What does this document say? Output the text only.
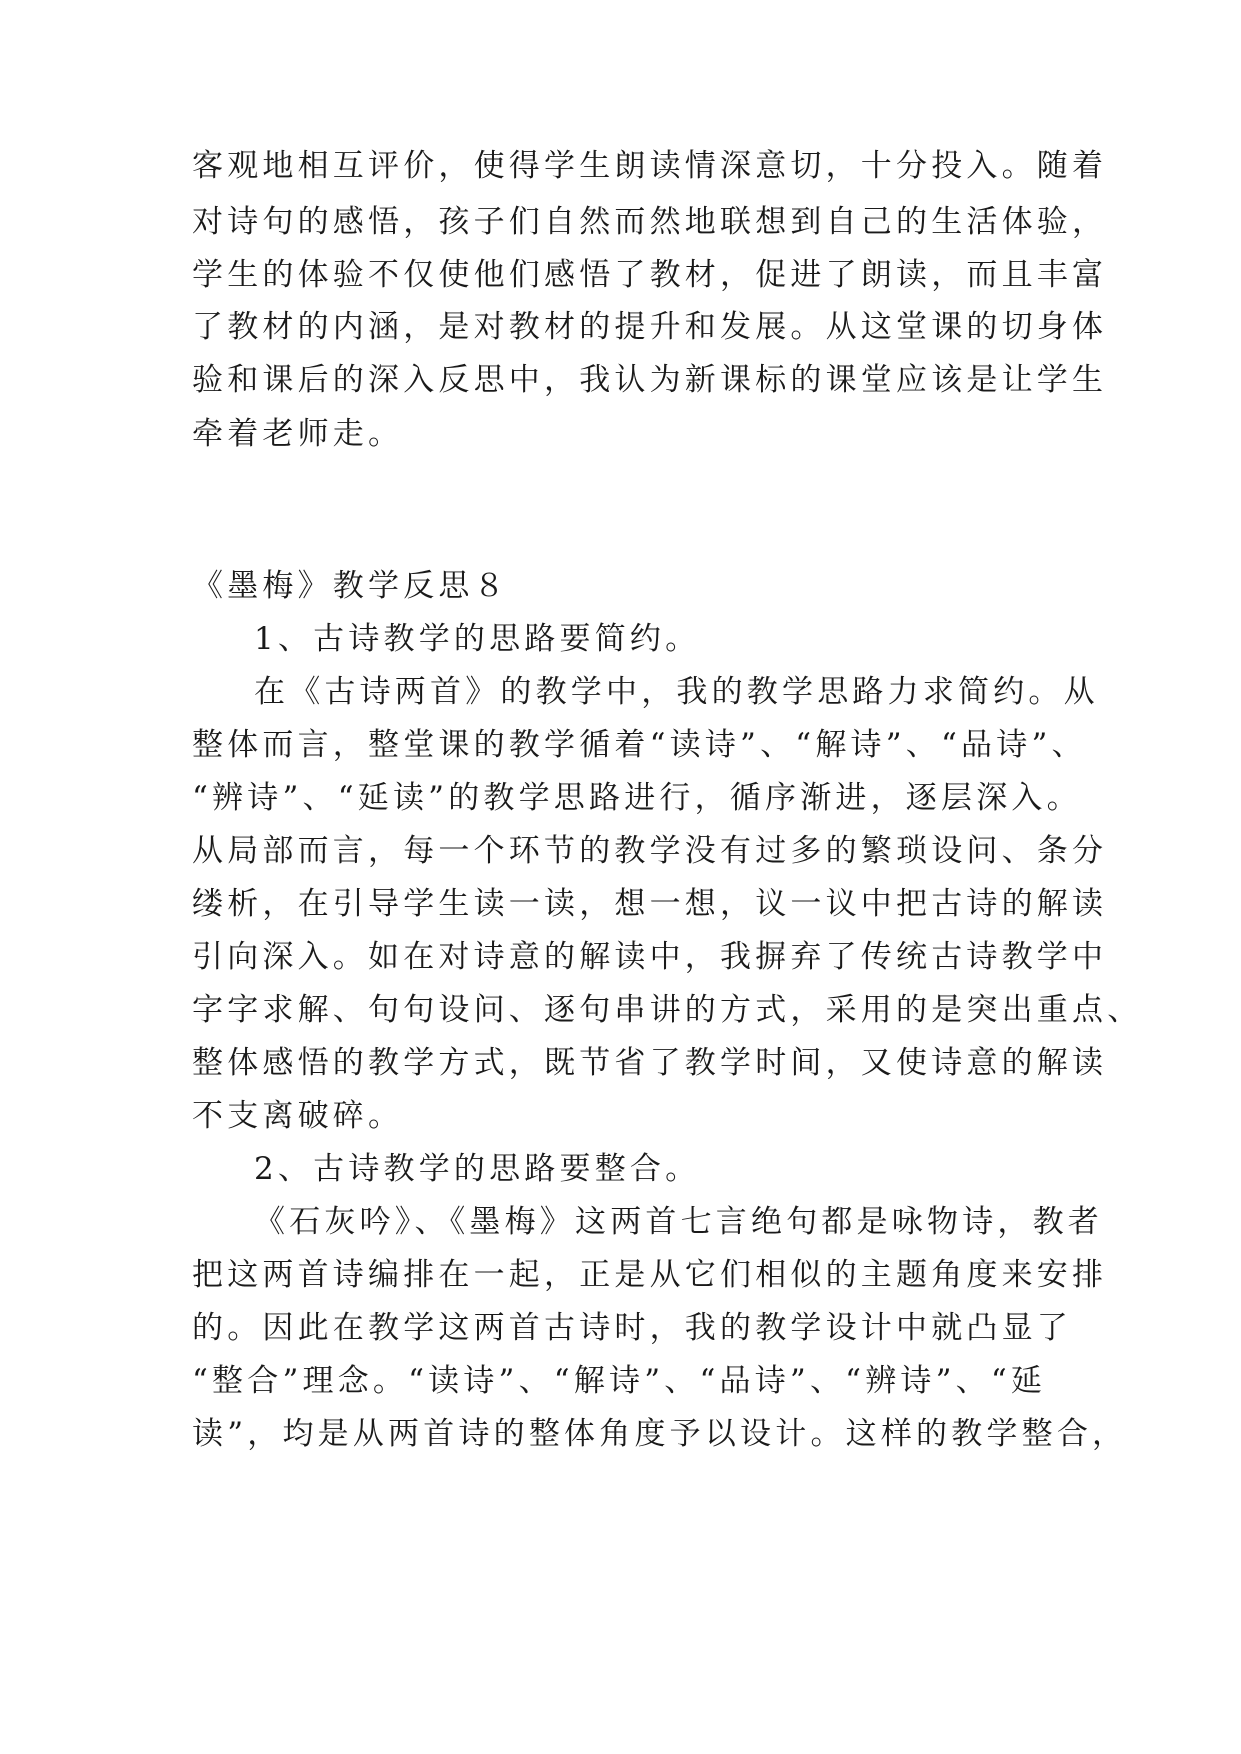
客观地相互评价，使得学生朗读情深意切，十分投入。随着
对诗句的感悟，孩子们自然而然地联想到自己的生活体验，
学生的体验不仅使他们感悟了教材，促进了朗读，而且丰富
了教材的内涵，是对教材的提升和发展。从这堂课的切身体
验和课后的深入反思中，我认为新课标的课堂应该是让学生
牵着老师走。
《墨梅》教学反思８
1、古诗教学的思路要简约。
在《古诗两首》的教学中，我的教学思路力求简约。从
整体而言，整堂课的教学循着“读诗”、“解诗”、“品诗”、
“辨诗”、“延读”的教学思路进行，循序渐进，逐层深入。
从局部而言，每一个环节的教学没有过多的繁琐设问、条分
缕析，在引导学生读一读，想一想，议一议中把古诗的解读
引向深入。如在对诗意的解读中，我摒弃了传统古诗教学中
字字求解、句句设问、逐句串讲的方式，采用的是突出重点、
整体感悟的教学方式，既节省了教学时间，又使诗意的解读
不支离破碎。
2、古诗教学的思路要整合。
《石灰吟》、《墨梅》这两首七言绝句都是咏物诗，教者
把这两首诗编排在一起，正是从它们相似的主题角度来安排
的。因此在教学这两首古诗时，我的教学设计中就凸显了
“整合”理念。“读诗”、“解诗”、“品诗”、“辨诗”、“延
读”，均是从两首诗的整体角度予以设计。这样的教学整合，
